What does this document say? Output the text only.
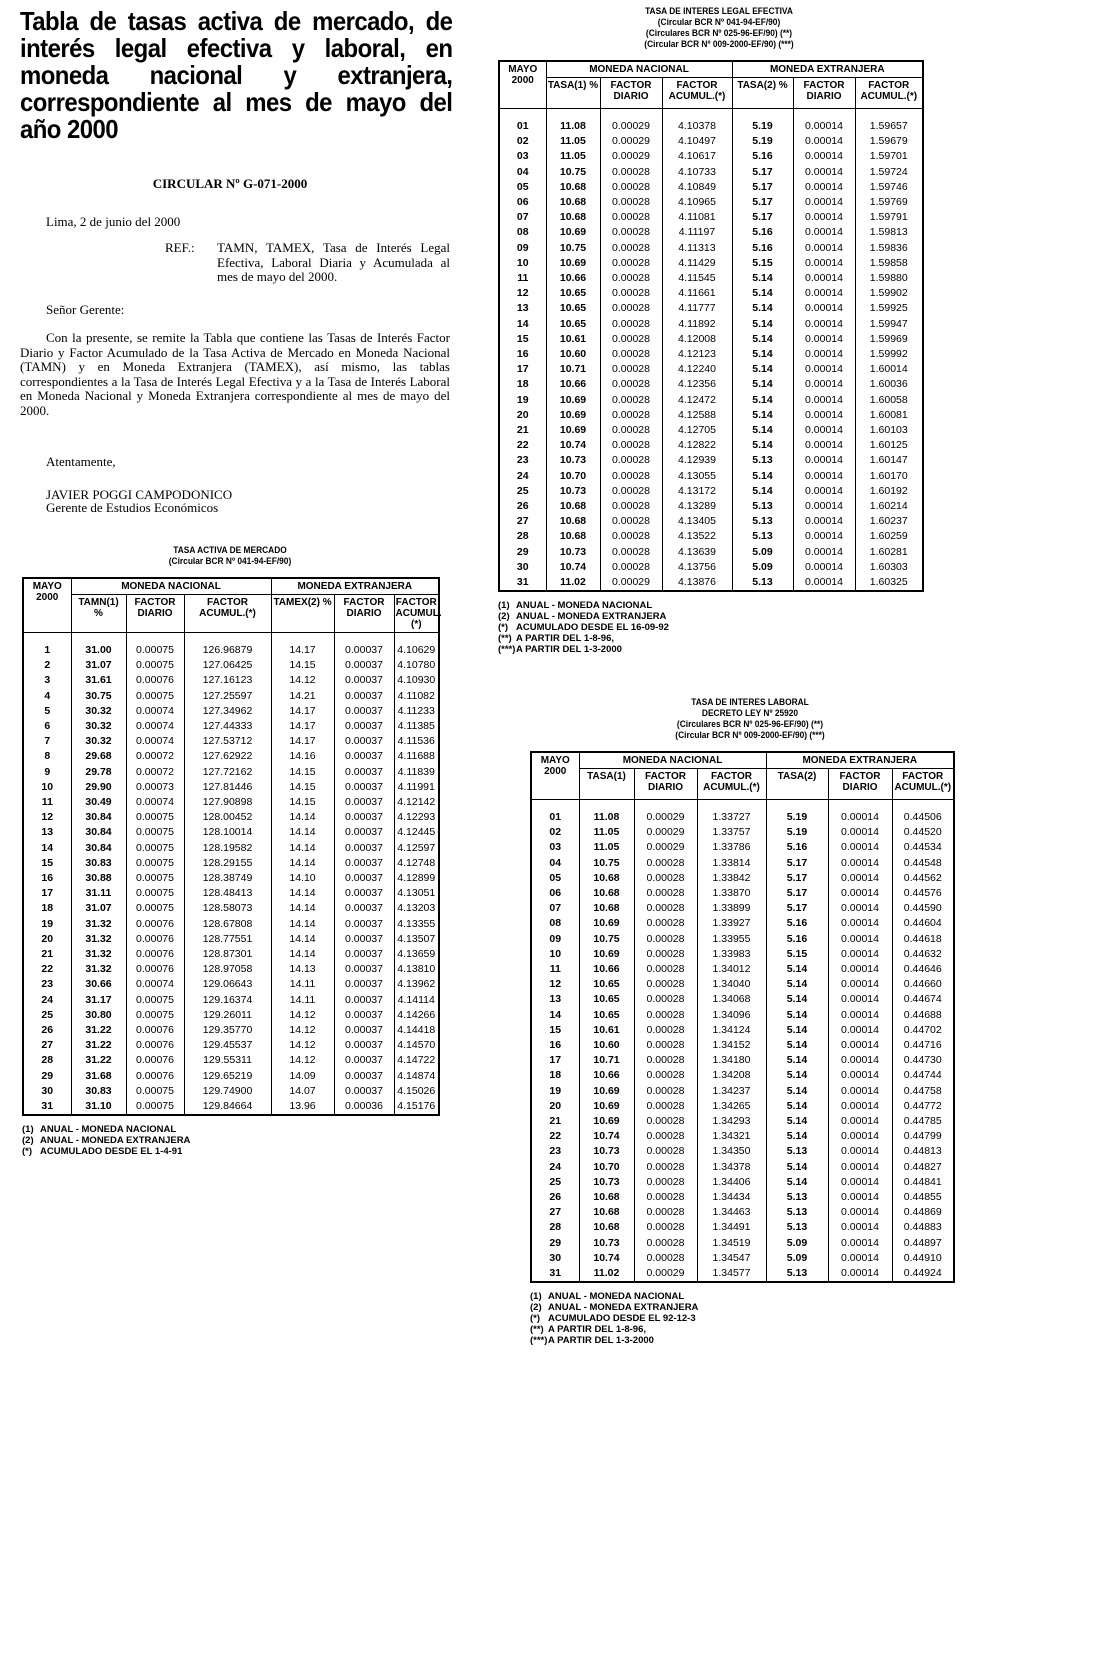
Tabla de tasas activa de mercado, de interés legal efectiva y laboral, en moneda nacional y extranjera, correspondiente al mes de mayo del año 2000
CIRCULAR Nº G-071-2000
Lima, 2 de junio del 2000
REF.: TAMN, TAMEX, Tasa de Interés Legal Efectiva, Laboral Diaria y Acumulada al mes de mayo del 2000.
Señor Gerente:
Con la presente, se remite la Tabla que contiene las Tasas de Interés Factor Diario y Factor Acumulado de la Tasa Activa de Mercado en Moneda Nacional (TAMN) y en Moneda Extranjera (TAMEX), así mismo, las tablas correspondientes a la Tasa de Interés Legal Efectiva y a la Tasa de Interés Laboral en Moneda Nacional y Moneda Extranjera correspondiente al mes de mayo del 2000.
Atentamente,
JAVIER POGGI CAMPODONICO
Gerente de Estudios Económicos
TASA ACTIVA DE MERCADO
(Circular BCR Nº 041-94-EF/90)
MAYO
2000	MONEDA NACIONAL			MONEDA EXTRANJERA		
	TAMN(1) %	FACTOR DIARIO	FACTOR ACUMUL.(*)	TAMEX(2) %	FACTOR DIARIO	FACTOR ACUMUL.(*)
1	31.00	0.00075	126.96879	14.17	0.00037	4.10629
2	31.07	0.00075	127.06425	14.15	0.00037	4.10780
3	31.61	0.00076	127.16123	14.12	0.00037	4.10930
4	30.75	0.00075	127.25597	14.21	0.00037	4.11082
5	30.32	0.00074	127.34962	14.17	0.00037	4.11233
6	30.32	0.00074	127.44333	14.17	0.00037	4.11385
7	30.32	0.00074	127.53712	14.17	0.00037	4.11536
8	29.68	0.00072	127.62922	14.16	0.00037	4.11688
9	29.78	0.00072	127.72162	14.15	0.00037	4.11839
10	29.90	0.00073	127.81446	14.15	0.00037	4.11991
11	30.49	0.00074	127.90898	14.15	0.00037	4.12142
12	30.84	0.00075	128.00452	14.14	0.00037	4.12293
13	30.84	0.00075	128.10014	14.14	0.00037	4.12445
14	30.84	0.00075	128.19582	14.14	0.00037	4.12597
15	30.83	0.00075	128.29155	14.14	0.00037	4.12748
16	30.88	0.00075	128.38749	14.10	0.00037	4.12899
17	31.11	0.00075	128.48413	14.14	0.00037	4.13051
18	31.07	0.00075	128.58073	14.14	0.00037	4.13203
19	31.32	0.00076	128.67808	14.14	0.00037	4.13355
20	31.32	0.00076	128.77551	14.14	0.00037	4.13507
21	31.32	0.00076	128.87301	14.14	0.00037	4.13659
22	31.32	0.00076	128.97058	14.13	0.00037	4.13810
23	30.66	0.00074	129.06643	14.11	0.00037	4.13962
24	31.17	0.00075	129.16374	14.11	0.00037	4.14114
25	30.80	0.00075	129.26011	14.12	0.00037	4.14266
26	31.22	0.00076	129.35770	14.12	0.00037	4.14418
27	31.22	0.00076	129.45537	14.12	0.00037	4.14570
28	31.22	0.00076	129.55311	14.12	0.00037	4.14722
29	31.68	0.00076	129.65219	14.09	0.00037	4.14874
30	30.83	0.00075	129.74900	14.07	0.00037	4.15026
31	31.10	0.00075	129.84664	13.96	0.00036	4.15176
(1) ANUAL - MONEDA NACIONAL
(2) ANUAL - MONEDA EXTRANJERA
(*) ACUMULADO DESDE EL 1-4-91
TASA DE INTERES LEGAL EFECTIVA
(Circular BCR Nº 041-94-EF/90)
(Circulares BCR Nº 025-96-EF/90) (**)
(Circular BCR Nº 009-2000-EF/90) (***)
MAYO
2000	MONEDA NACIONAL			MONEDA EXTRANJERA		
	TASA(1) %	FACTOR DIARIO	FACTOR ACUMUL.(*)	TASA(2) %	FACTOR DIARIO	FACTOR ACUMUL.(*)
01	11.08	0.00029	4.10378	5.19	0.00014	1.59657
02	11.05	0.00029	4.10497	5.19	0.00014	1.59679
03	11.05	0.00029	4.10617	5.16	0.00014	1.59701
04	10.75	0.00028	4.10733	5.17	0.00014	1.59724
05	10.68	0.00028	4.10849	5.17	0.00014	1.59746
06	10.68	0.00028	4.10965	5.17	0.00014	1.59769
07	10.68	0.00028	4.11081	5.17	0.00014	1.59791
08	10.69	0.00028	4.11197	5.16	0.00014	1.59813
09	10.75	0.00028	4.11313	5.16	0.00014	1.59836
10	10.69	0.00028	4.11429	5.15	0.00014	1.59858
11	10.66	0.00028	4.11545	5.14	0.00014	1.59880
12	10.65	0.00028	4.11661	5.14	0.00014	1.59902
13	10.65	0.00028	4.11777	5.14	0.00014	1.59925
14	10.65	0.00028	4.11892	5.14	0.00014	1.59947
15	10.61	0.00028	4.12008	5.14	0.00014	1.59969
16	10.60	0.00028	4.12123	5.14	0.00014	1.59992
17	10.71	0.00028	4.12240	5.14	0.00014	1.60014
18	10.66	0.00028	4.12356	5.14	0.00014	1.60036
19	10.69	0.00028	4.12472	5.14	0.00014	1.60058
20	10.69	0.00028	4.12588	5.14	0.00014	1.60081
21	10.69	0.00028	4.12705	5.14	0.00014	1.60103
22	10.74	0.00028	4.12822	5.14	0.00014	1.60125
23	10.73	0.00028	4.12939	5.13	0.00014	1.60147
24	10.70	0.00028	4.13055	5.14	0.00014	1.60170
25	10.73	0.00028	4.13172	5.14	0.00014	1.60192
26	10.68	0.00028	4.13289	5.13	0.00014	1.60214
27	10.68	0.00028	4.13405	5.13	0.00014	1.60237
28	10.68	0.00028	4.13522	5.13	0.00014	1.60259
29	10.73	0.00028	4.13639	5.09	0.00014	1.60281
30	10.74	0.00028	4.13756	5.09	0.00014	1.60303
31	11.02	0.00029	4.13876	5.13	0.00014	1.60325
(1) ANUAL - MONEDA NACIONAL
(2) ANUAL - MONEDA EXTRANJERA
(*) ACUMULADO DESDE EL 16-09-92
(**) A PARTIR DEL 1-8-96,
(***) A PARTIR DEL 1-3-2000
TASA DE INTERES LABORAL
DECRETO LEY Nº 25920
(Circulares BCR Nº 025-96-EF/90) (**)
(Circular BCR Nº 009-2000-EF/90) (***)
MAYO
2000	MONEDA NACIONAL			MONEDA EXTRANJERA		
	TASA(1)	FACTOR DIARIO	FACTOR ACUMUL.(*)	TASA(2)	FACTOR DIARIO	FACTOR ACUMUL.(*)
01	11.08	0.00029	1.33727	5.19	0.00014	0.44506
02	11.05	0.00029	1.33757	5.19	0.00014	0.44520
03	11.05	0.00029	1.33786	5.16	0.00014	0.44534
04	10.75	0.00028	1.33814	5.17	0.00014	0.44548
05	10.68	0.00028	1.33842	5.17	0.00014	0.44562
06	10.68	0.00028	1.33870	5.17	0.00014	0.44576
07	10.68	0.00028	1.33899	5.17	0.00014	0.44590
08	10.69	0.00028	1.33927	5.16	0.00014	0.44604
09	10.75	0.00028	1.33955	5.16	0.00014	0.44618
10	10.69	0.00028	1.33983	5.15	0.00014	0.44632
11	10.66	0.00028	1.34012	5.14	0.00014	0.44646
12	10.65	0.00028	1.34040	5.14	0.00014	0.44660
13	10.65	0.00028	1.34068	5.14	0.00014	0.44674
14	10.65	0.00028	1.34096	5.14	0.00014	0.44688
15	10.61	0.00028	1.34124	5.14	0.00014	0.44702
16	10.60	0.00028	1.34152	5.14	0.00014	0.44716
17	10.71	0.00028	1.34180	5.14	0.00014	0.44730
18	10.66	0.00028	1.34208	5.14	0.00014	0.44744
19	10.69	0.00028	1.34237	5.14	0.00014	0.44758
20	10.69	0.00028	1.34265	5.14	0.00014	0.44772
21	10.69	0.00028	1.34293	5.14	0.00014	0.44785
22	10.74	0.00028	1.34321	5.14	0.00014	0.44799
23	10.73	0.00028	1.34350	5.13	0.00014	0.44813
24	10.70	0.00028	1.34378	5.14	0.00014	0.44827
25	10.73	0.00028	1.34406	5.14	0.00014	0.44841
26	10.68	0.00028	1.34434	5.13	0.00014	0.44855
27	10.68	0.00028	1.34463	5.13	0.00014	0.44869
28	10.68	0.00028	1.34491	5.13	0.00014	0.44883
29	10.73	0.00028	1.34519	5.09	0.00014	0.44897
30	10.74	0.00028	1.34547	5.09	0.00014	0.44910
31	11.02	0.00029	1.34577	5.13	0.00014	0.44924
(1) ANUAL - MONEDA NACIONAL
(2) ANUAL - MONEDA EXTRANJERA
(*) ACUMULADO DESDE EL 92-12-3
(**) A PARTIR DEL 1-8-96,
(***) A PARTIR DEL 1-3-2000
